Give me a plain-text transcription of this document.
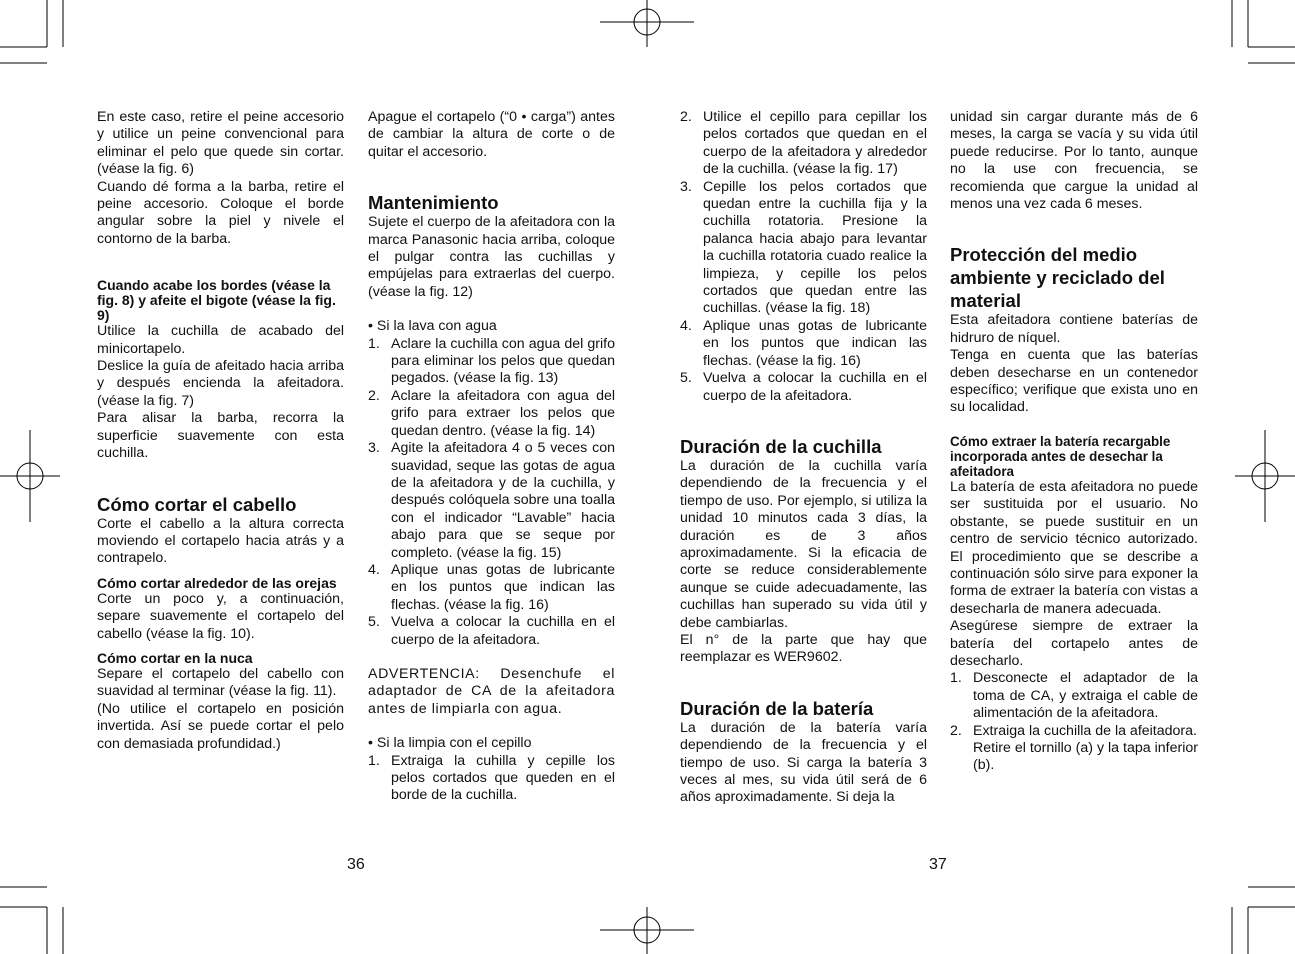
En este caso, retire el peine accesorio y utilice un peine convencional para eliminar el pelo que quede sin cortar. (véase la fig. 6)

Cuando dé forma a la barba, retire el peine accesorio. Coloque el borde angular sobre la piel y nivele el contorno de la barba.

Cuando acabe los bordes (véase la fig. 8) y afeite el bigote (véase la fig. 9)

Utilice la cuchilla de acabado del minicortapelo.

Deslice la guía de afeitado hacia arriba y después encienda la afeitadora. (véase la fig. 7)

Para alisar la barba, recorra la superficie suavemente con esta cuchilla.

Cómo cortar el cabello

Corte el cabello a la altura correcta moviendo el cortapelo hacia atrás y a contrapelo.

Cómo cortar alrededor de las orejas

Corte un poco y, a continuación, separe suavemente el cortapelo del cabello (véase la fig. 10).

Cómo cortar en la nuca

Separe el cortapelo del cabello con suavidad al terminar (véase la fig. 11).

(No utilice el cortapelo en posición invertida. Así se puede cortar el pelo con demasiada profundidad.)

Apague el cortapelo (“0 • carga”) antes de cambiar la altura de corte o de quitar el accesorio.

Mantenimiento

Sujete el cuerpo de la afeitadora con la marca Panasonic hacia arriba, coloque el pulgar contra las cuchillas y empújelas para extraerlas del cuerpo. (véase la fig. 12)

• Si la lava con agua

1. Aclare la cuchilla con agua del grifo para eliminar los pelos que quedan pegados. (véase la fig. 13)
2. Aclare la afeitadora con agua del grifo para extraer los pelos que quedan dentro. (véase la fig. 14)
3. Agite la afeitadora 4 o 5 veces con suavidad, seque las gotas de agua de la afeitadora y de la cuchilla, y después colóquela sobre una toalla con el indicador “Lavable” hacia abajo para que se seque por completo. (véase la fig. 15)
4. Aplique unas gotas de lubricante en los puntos que indican las flechas. (véase la fig. 16)
5. Vuelva a colocar la cuchilla en el cuerpo de la afeitadora.

ADVERTENCIA: Desenchufe el adaptador de CA de la afeitadora antes de limpiarla con agua.

• Si la limpia con el cepillo

1. Extraiga la cuhilla y cepille los pelos cortados que queden en el borde de la cuchilla.
2. Utilice el cepillo para cepillar los pelos cortados que quedan en el cuerpo de la afeitadora y alrededor de la cuchilla. (véase la fig. 17)
3. Cepille los pelos cortados que quedan entre la cuchilla fija y la cuchilla rotatoria. Presione la palanca hacia abajo para levantar la cuchilla rotatoria cuado realice la limpieza, y cepille los pelos cortados que quedan entre las cuchillas. (véase la fig. 18)
4. Aplique unas gotas de lubricante en los puntos que indican las flechas. (véase la fig. 16)
5. Vuelva a colocar la cuchilla en el cuerpo de la afeitadora.
Duración de la cuchilla

La duración de la cuchilla varía dependiendo de la frecuencia y el tiempo de uso. Por ejemplo, si utiliza la unidad 10 minutos cada 3 días, la duración es de 3 años aproximadamente. Si la eficacia de corte se reduce considerablemente aunque se cuide adecuadamente, las cuchillas han superado su vida útil y debe cambiarlas.

El n° de la parte que hay que reemplazar es WER9602.

Duración de la batería

La duración de la batería varía dependiendo de la frecuencia y el tiempo de uso. Si carga la batería 3 veces al mes, su vida útil será de 6 años aproximadamente. Si deja la

unidad sin cargar durante más de 6 meses, la carga se vacía y su vida útil puede reducirse. Por lo tanto, aunque no la use con frecuencia, se recomienda que cargue la unidad al menos una vez cada 6 meses.

Protección del medio ambiente y reciclado del material

Esta afeitadora contiene baterías de hidruro de níquel.

Tenga en cuenta que las baterías deben desecharse en un contenedor específico; verifique que exista uno en su localidad.

Cómo extraer la batería recargable incorporada antes de desechar la afeitadora

La batería de esta afeitadora no puede ser sustituida por el usuario. No obstante, se puede sustituir en un centro de servicio técnico autorizado. El procedimiento que se describe a continuación sólo sirve para exponer la forma de extraer la batería con vistas a desecharla de manera adecuada.

Asegúrese siempre de extraer la batería del cortapelo antes de desecharlo.

1. Desconecte el adaptador de la toma de CA, y extraiga el cable de alimentación de la afeitadora.
2. Extraiga la cuchilla de la afeitadora.

Retire el tornillo (a) y la tapa inferior (b).

36	37
